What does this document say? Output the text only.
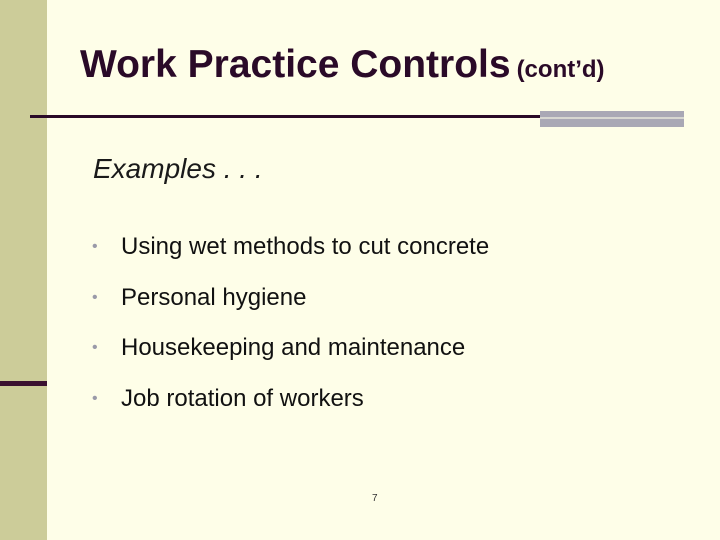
Work Practice Controls (cont’d)

Examples . . .

• Using wet methods to cut concrete
• Personal hygiene
• Housekeeping and maintenance
• Job rotation of workers
7
